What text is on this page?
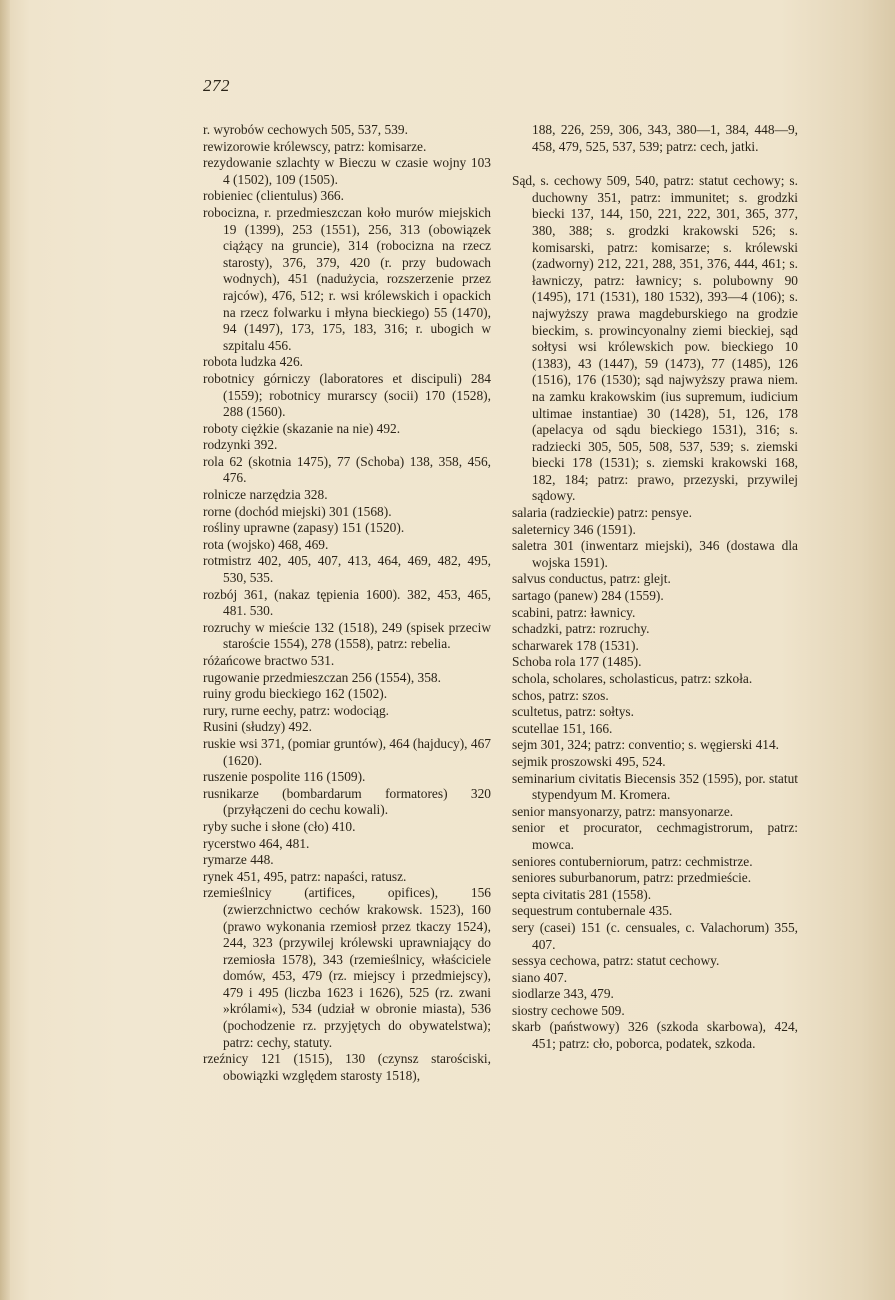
272

r. wyrobów cechowych 505, 537, 539.

rewizorowie królewscy, patrz: komisarze.

rezydowanie szlachty w Bieczu w czasie wojny 103 4 (1502), 109 (1505).

robieniec (clientulus) 366.

robocizna, r. przedmieszczan koło murów miejskich 19 (1399), 253 (1551), 256, 313 (obowiązek ciążący na gruncie), 314 (robocizna na rzecz starosty), 376, 379, 420 (r. przy budowach wodnych), 451 (nadużycia, rozszerzenie przez rajców), 476, 512; r. wsi królewskich i opackich na rzecz folwarku i młyna bieckiego) 55 (1470), 94 (1497), 173, 175, 183, 316; r. ubogich w szpitalu 456.

robota ludzka 426.

robotnicy górniczy (laboratores et discipuli) 284 (1559); robotnicy murarscy (socii) 170 (1528), 288 (1560).

roboty ciężkie (skazanie na nie) 492.

rodzynki 392.

rola 62 (skotnia 1475), 77 (Schoba) 138, 358, 456, 476.

rolnicze narzędzia 328.

rorne (dochód miejski) 301 (1568).

rośliny uprawne (zapasy) 151 (1520).

rota (wojsko) 468, 469.

rotmistrz 402, 405, 407, 413, 464, 469, 482, 495, 530, 535.

rozbój 361, (nakaz tępienia 1600). 382, 453, 465, 481. 530.

rozruchy w mieście 132 (1518), 249 (spisek przeciw staroście 1554), 278 (1558), patrz: rebelia.

różańcowe bractwo 531.

rugowanie przedmieszczan 256 (1554), 358.

ruiny grodu bieckiego 162 (1502).

rury, rurne eechy, patrz: wodociąg.

Rusini (słudzy) 492.

ruskie wsi 371, (pomiar gruntów), 464 (hajducy), 467 (1620).

ruszenie pospolite 116 (1509).

rusnikarze (bombardarum formatores) 320 (przyłączeni do cechu kowali).

ryby suche i słone (cło) 410.

rycerstwo 464, 481.

rymarze 448.

rynek 451, 495, patrz: napaści, ratusz.

rzemieślnicy (artifices, opifices), 156 (zwierzchnictwo cechów krakowsk. 1523), 160 (prawo wykonania rzemiosł przez tkaczy 1524), 244, 323 (przywilej królewski uprawniający do rzemiosła 1578), 343 (rzemieślnicy, właściciele domów, 453, 479 (rz. miejscy i przedmiejscy), 479 i 495 (liczba 1623 i 1626), 525 (rz. zwani »królami«), 534 (udział w obronie miasta), 536 (pochodzenie rz. przyjętych do obywatelstwa); patrz: cechy, statuty.

rzeźnicy 121 (1515), 130 (czynsz starościski, obowiązki względem starosty 1518),

188, 226, 259, 306, 343, 380—1, 384, 448—9, 458, 479, 525, 537, 539; patrz: cech, jatki.

Sąd, s. cechowy 509, 540, patrz: statut cechowy; s. duchowny 351, patrz: immunitet; s. grodzki biecki 137, 144, 150, 221, 222, 301, 365, 377, 380, 388; s. grodzki krakowski 526; s. komisarski, patrz: komisarze; s. królewski (zadworny) 212, 221, 288, 351, 376, 444, 461; s. ławniczy, patrz: ławnicy; s. polubowny 90 (1495), 171 (1531), 180 1532), 393—4 (106); s. najwyższy prawa magdeburskiego na grodzie bieckim, s. prowincyonalny ziemi bieckiej, sąd sołtysi wsi królewskich pow. bieckiego 10 (1383), 43 (1447), 59 (1473), 77 (1485), 126 (1516), 176 (1530); sąd najwyższy prawa niem. na zamku krakowskim (ius supremum, iudicium ultimae instantiae) 30 (1428), 51, 126, 178 (apelacya od sądu bieckiego 1531), 316; s. radziecki 305, 505, 508, 537, 539; s. ziemski biecki 178 (1531); s. ziemski krakowski 168, 182, 184; patrz: prawo, przezyski, przywilej sądowy.

salaria (radzieckie) patrz: pensye.

saleternicy 346 (1591).

saletra 301 (inwentarz miejski), 346 (dostawa dla wojska 1591).

salvus conductus, patrz: glejt.

sartago (panew) 284 (1559).

scabini, patrz: ławnicy.

schadzki, patrz: rozruchy.

scharwarek 178 (1531).

Schoba rola 177 (1485).

schola, scholares, scholasticus, patrz: szkoła.

schos, patrz: szos.

scultetus, patrz: sołtys.

scutellae 151, 166.

sejm 301, 324; patrz: conventio; s. węgierski 414.

sejmik proszowski 495, 524.

seminarium civitatis Biecensis 352 (1595), por. statut stypendyum M. Kromera.

senior mansyonarzy, patrz: mansyonarze.

senior et procurator, cechmagistrorum, patrz: mowca.

seniores contuberniorum, patrz: cechmistrze.

seniores suburbanorum, patrz: przedmieście.

septa civitatis 281 (1558).

sequestrum contubernale 435.

sery (casei) 151 (c. censuales, c. Valachorum) 355, 407.

sessya cechowa, patrz: statut cechowy.

siano 407.

siodlarze 343, 479.

siostry cechowe 509.

skarb (państwowy) 326 (szkoda skarbowa), 424, 451; patrz: cło, poborca, podatek, szkoda.
